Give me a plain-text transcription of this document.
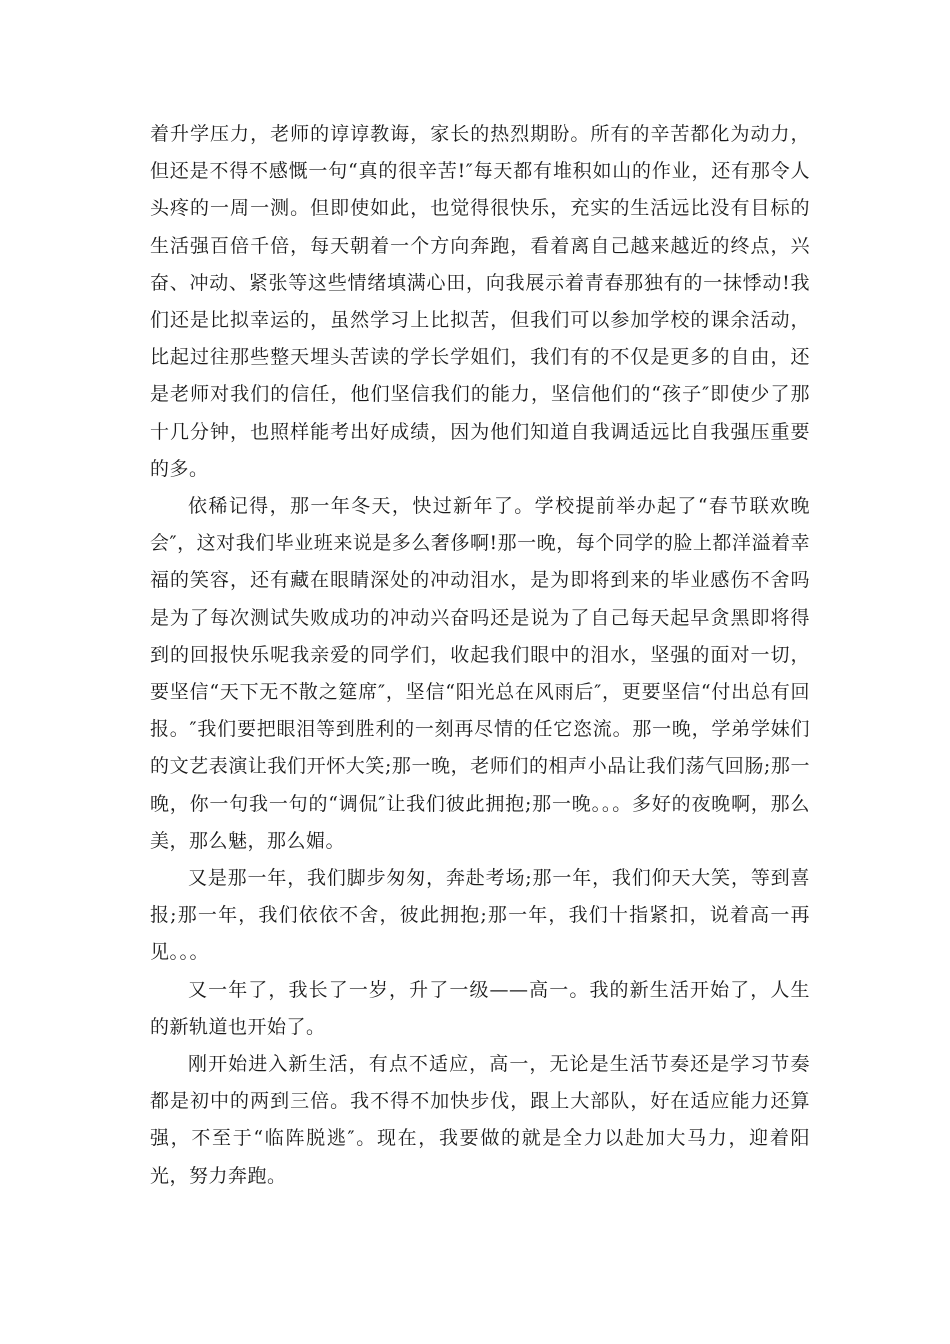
着升学压力，老师的谆谆教诲，家长的热烈期盼。所有的辛苦都化为动力，但还是不得不感慨一句“真的很辛苦!″每天都有堆积如山的作业，还有那令人头疼的一周一测。但即使如此，也觉得很快乐，充实的生活远比没有目标的生活强百倍千倍，每天朝着一个方向奔跑，看着离自己越来越近的终点，兴奋、冲动、紧张等这些情绪填满心田，向我展示着青春那独有的一抹悸动!我们还是比拟幸运的，虽然学习上比拟苦，但我们可以参加学校的课余活动，比起过往那些整天埋头苦读的学长学姐们，我们有的不仅是更多的自由，还是老师对我们的信任，他们坚信我们的能力，坚信他们的“孩子″即使少了那十几分钟，也照样能考出好成绩，因为他们知道自我调适远比自我强压重要的多。

依稀记得，那一年冬天，快过新年了。学校提前举办起了“春节联欢晚会″，这对我们毕业班来说是多么奢侈啊!那一晚，每个同学的脸上都洋溢着幸福的笑容，还有藏在眼睛深处的冲动泪水，是为即将到来的毕业感伤不舍吗是为了每次测试失败成功的冲动兴奋吗还是说为了自己每天起早贪黑即将得到的回报快乐呢我亲爱的同学们，收起我们眼中的泪水，坚强的面对一切，要坚信“天下无不散之筵席″，坚信“阳光总在风雨后″，更要坚信“付出总有回报。″我们要把眼泪等到胜利的一刻再尽情的任它恣流。那一晚，学弟学妹们的文艺表演让我们开怀大笑;那一晚，老师们的相声小品让我们荡气回肠;那一晚，你一句我一句的“调侃″让我们彼此拥抱;那一晚。。。多好的夜晚啊，那么美，那么魅，那么媚。

又是那一年，我们脚步匆匆，奔赴考场;那一年，我们仰天大笑，等到喜报;那一年，我们依依不舍，彼此拥抱;那一年，我们十指紧扣，说着高一再见。。。

又一年了，我长了一岁，升了一级——高一。我的新生活开始了，人生的新轨道也开始了。

刚开始进入新生活，有点不适应，高一，无论是生活节奏还是学习节奏都是初中的两到三倍。我不得不加快步伐，跟上大部队，好在适应能力还算强，不至于“临阵脱逃″。现在，我要做的就是全力以赴加大马力，迎着阳光，努力奔跑。
